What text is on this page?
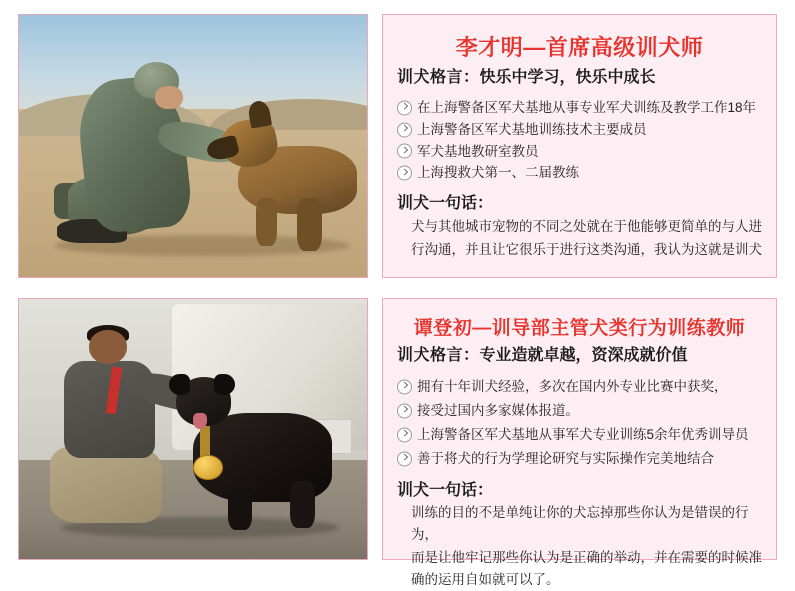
李才明—首席高级训犬师
训犬格言：快乐中学习，快乐中成长
在上海警备区军犬基地从事专业军犬训练及教学工作18年
上海警备区军犬基地训练技术主要成员
军犬基地教研室教员
上海搜救犬第一、二届教练
训犬一句话：

犬与其他城市宠物的不同之处就在于他能够更简单的与人进

行沟通，并且让它很乐于进行这类沟通，我认为这就是训犬

谭登初—训导部主管犬类行为训练教师
训犬格言：专业造就卓越，资深成就价值
拥有十年训犬经验，多次在国内外专业比赛中获奖，
接受过国内多家媒体报道。
上海警备区军犬基地从事军犬专业训练5余年优秀训导员
善于将犬的行为学理论研究与实际操作完美地结合
训犬一句话：

训练的目的不是单纯让你的犬忘掉那些你认为是错误的行为，

而是让他牢记那些你认为是正确的举动，并在需要的时候准

确的运用自如就可以了。
